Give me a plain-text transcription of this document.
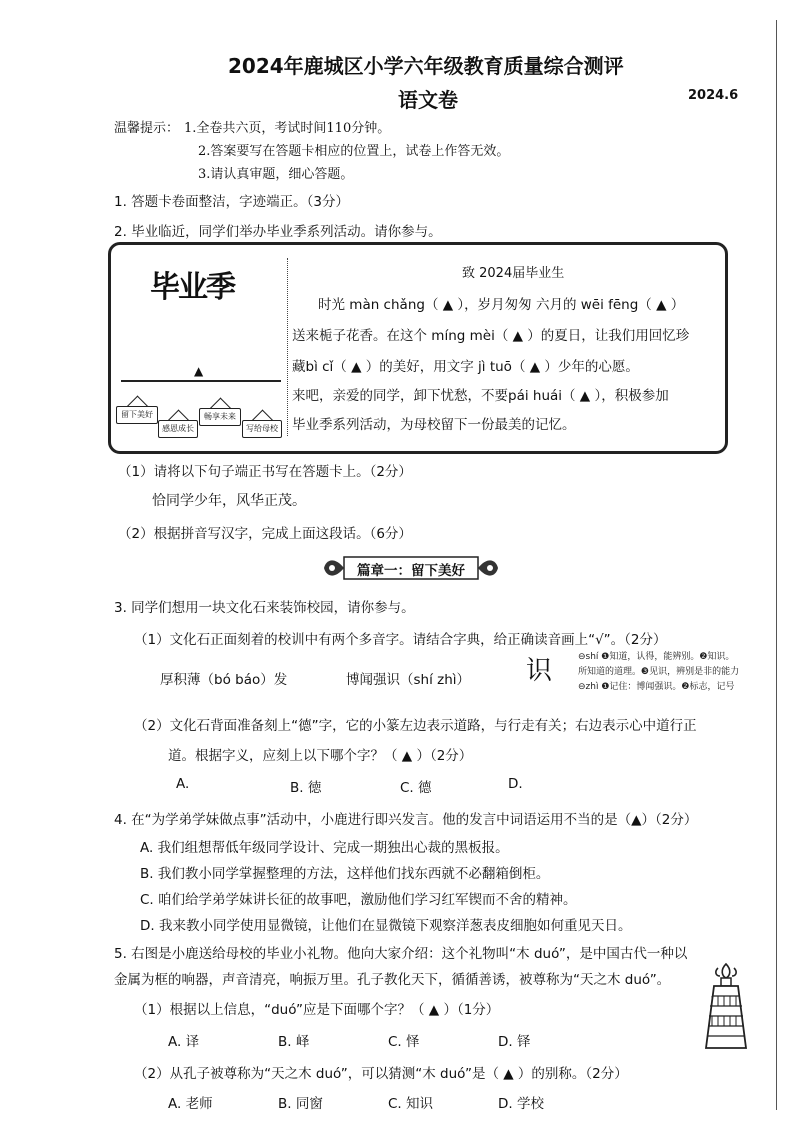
2024年鹿城区小学六年级教育质量综合测评
语文卷	2024.6
温馨提示： 1.全卷共六页，考试时间110分钟。
2.答案要写在答题卡相应的位置上，试卷上作答无效。
3.请认真审题，细心答题。
1. 答题卡卷面整洁，字迹端正。（3分）
2. 毕业临近，同学们举办毕业季系列活动。请你参与。
毕业季
▲
留下美好
感恩成长
畅享未来
写给母校
致 2024届毕业生
时光 màn chǎng（ ▲ ），岁月匆匆 六月的 wēi fēng（ ▲ ）
送来栀子花香。在这个 míng mèi（ ▲ ）的夏日，让我们用回忆珍
藏bì cǐ（ ▲ ）的美好，用文字 jì tuō（ ▲ ）少年的心愿。
来吧，亲爱的同学，卸下忧愁，不要pái huái（ ▲ ），积极参加
毕业季系列活动，为母校留下一份最美的记忆。
（1）请将以下句子端正书写在答题卡上。（2分）
恰同学少年，风华正茂。
（2）根据拼音写汉字，完成上面这段话。（6分）
篇章一：留下美好
3. 同学们想用一块文化石来装饰校园，请你参与。
（1）文化石正面刻着的校训中有两个多音字。请结合字典，给正确读音画上“√”。（2分）
厚积薄（bó báo）发	博闻强识（shí zhì） 识	⊖shí ❶知道，认得，能辨别。❷知识。
所知道的道理。❸见识，辨别是非的能力
⊖zhì ❶记住：博闻强识。❷标志，记号
（2）文化石背面准备刻上“德”字，它的小篆左边表示道路，与行走有关；右边表示心中道行正
道。根据字义，应刻上以下哪个字？（ ▲ ）（2分）
A.	B. 徳	C. 德	D.
4. 在“为学弟学妹做点事”活动中，小鹿进行即兴发言。他的发言中词语运用不当的是（▲）（2分）
A. 我们组想帮低年级同学设计、完成一期独出心裁的黑板报。
B. 我们教小同学掌握整理的方法，这样他们找东西就不必翻箱倒柜。
C. 咱们给学弟学妹讲长征的故事吧，激励他们学习红军锲而不舍的精神。
D. 我来教小同学使用显微镜，让他们在显微镜下观察洋葱表皮细胞如何重见天日。
5. 右图是小鹿送给母校的毕业小礼物。他向大家介绍：这个礼物叫“木 duó”，是中国古代一种以
金属为框的响器，声音清亮，响振万里。孔子教化天下，循循善诱，被尊称为“天之木 duó”。
（1）根据以上信息，“duó”应是下面哪个字？（ ▲ ）（1分）
A. 译	B. 峄	C. 怿	D. 铎
（2）从孔子被尊称为“天之木 duó”，可以猜测“木 duó”是（ ▲ ）的别称。（2分）
A. 老师	B. 同窗	C. 知识	D. 学校
